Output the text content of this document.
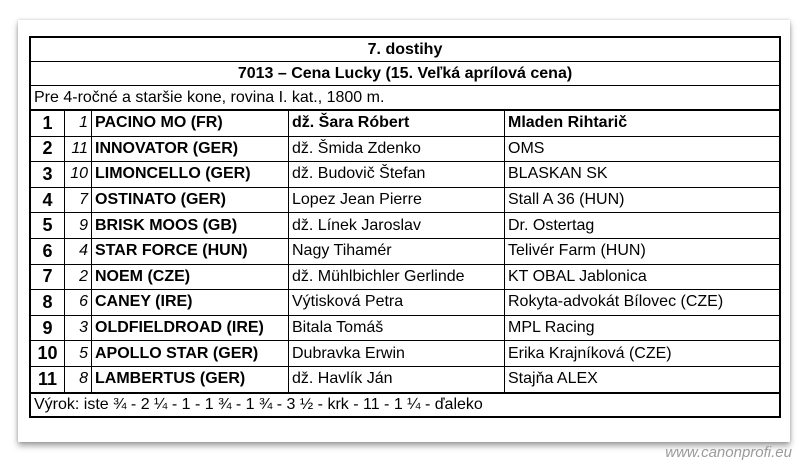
7. dostihy				
7013 – Cena Lucky (15. Veľká aprílová cena)				
Pre 4-ročné a staršie kone, rovina I. kat., 1800 m.				
1	1	PACINO MO (FR)	dž. Šara Róbert	Mladen Rihtarič
2	11	INNOVATOR (GER)	dž. Šmida Zdenko	OMS
3	10	LIMONCELLO (GER)	dž. Budovič Štefan	BLASKAN SK
4	7	OSTINATO (GER)	Lopez Jean Pierre	Stall A 36 (HUN)
5	9	BRISK MOOS (GB)	dž. Línek Jaroslav	Dr. Ostertag
6	4	STAR FORCE (HUN)	Nagy Tihamér	Telivér Farm (HUN)
7	2	NOEM (CZE)	dž. Mühlbichler Gerlinde	KT OBAL Jablonica
8	6	CANEY (IRE)	Výtisková Petra	Rokyta-advokát Bílovec (CZE)
9	3	OLDFIELDROAD (IRE)	Bitala Tomáš	MPL Racing
10	5	APOLLO STAR (GER)	Dubravka Erwin	Erika Krajníková (CZE)
11	8	LAMBERTUS (GER)	dž. Havlík Ján	Stajňa ALEX
Výrok: iste ¾ - 2 ¼ - 1 - 1 ¾ - 1 ¾ - 3 ½ - krk - 11 - 1 ¼ - ďaleko				
www.canonprofi.eu
